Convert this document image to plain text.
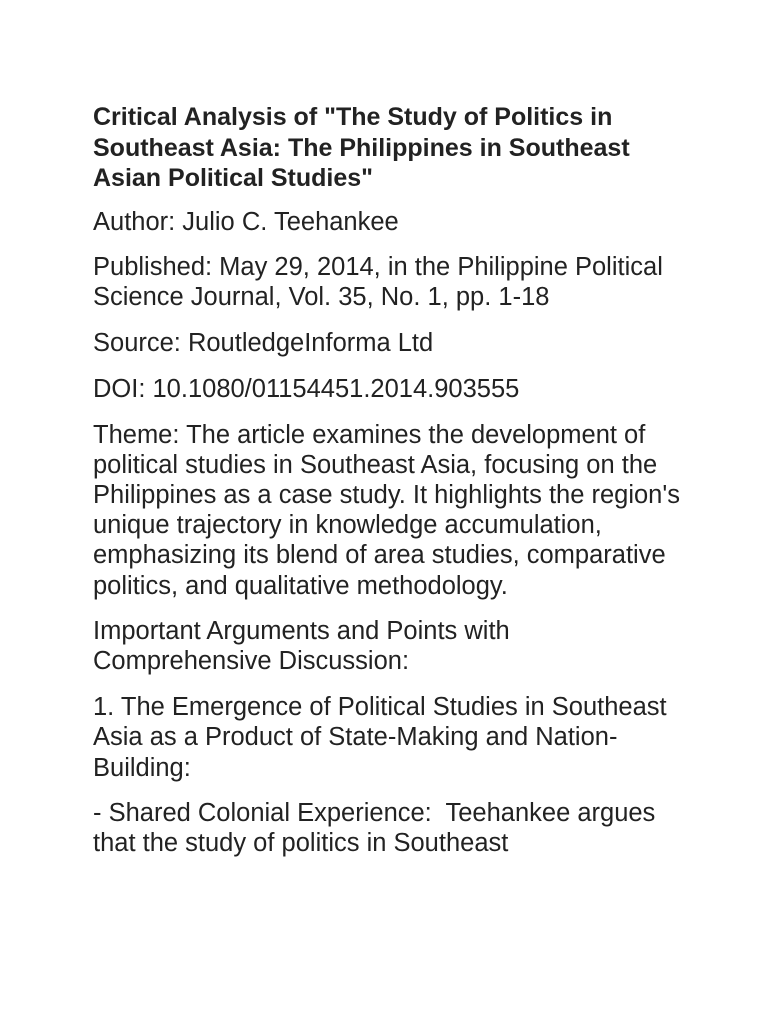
Critical Analysis of "The Study of Politics in Southeast Asia: The Philippines in Southeast Asian Political Studies"
Author: Julio C. Teehankee
Published: May 29, 2014, in the Philippine Political Science Journal, Vol. 35, No. 1, pp. 1-18
Source: RoutledgeInforma Ltd
DOI: 10.1080/01154451.2014.903555
Theme: The article examines the development of political studies in Southeast Asia, focusing on the Philippines as a case study. It highlights the region's unique trajectory in knowledge accumulation, emphasizing its blend of area studies, comparative politics, and qualitative methodology.
Important Arguments and Points with Comprehensive Discussion:
1. The Emergence of Political Studies in Southeast Asia as a Product of State-Making and Nation-Building:
- Shared Colonial Experience:  Teehankee argues that the study of politics in Southeast
